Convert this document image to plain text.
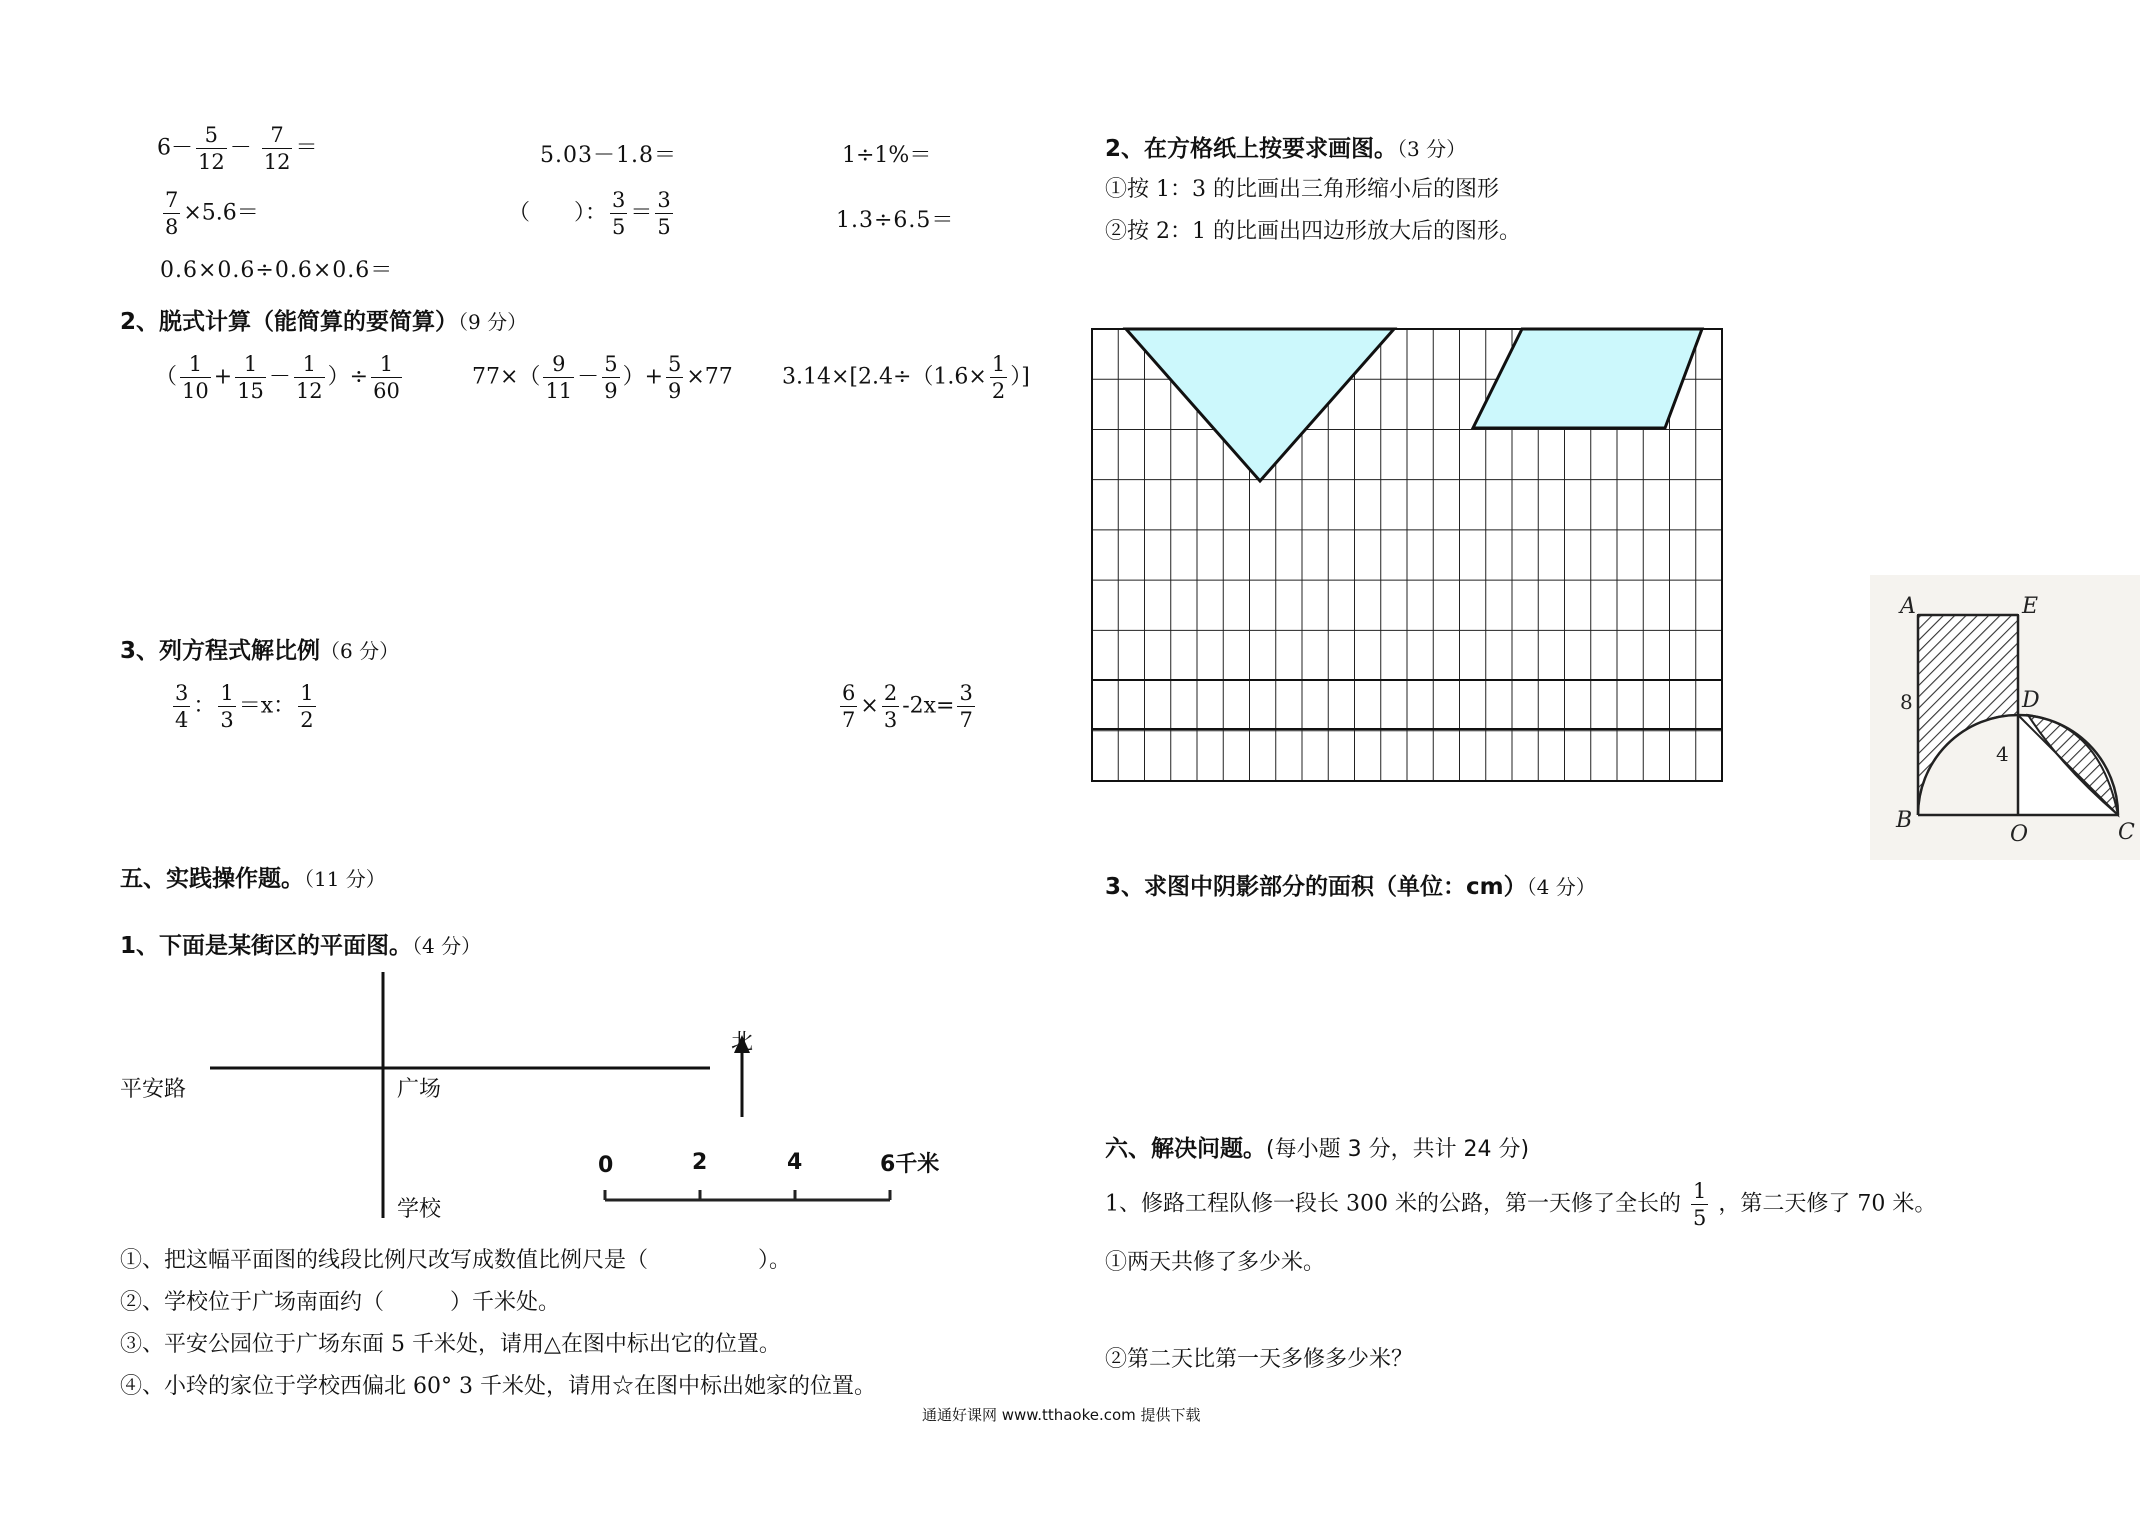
$6- \frac{5}{12} - \frac{7}{12}$ ＝	5.03－1.8＝	1÷1%＝
$\frac{7}{8} \times 5.6=$	（　　）： $\frac{3}{5} = \frac{3}{5}$	1.3÷6.5＝
0.6×0.6÷0.6×0.6＝
2、脱式计算（能简算的要简算）（9 分）
（ $\frac{1}{10} + \frac{1}{15} - \frac{1}{12}$ ）÷ $\frac{1}{60}$	$77\times( \frac{9}{11} - \frac{5}{9}$ ）+ $\frac{5}{9} \times 77$ $3.14\times[2.4\div(1.6\times \frac{1}{2}$ ）]
3、列方程式解比例（6 分）
$\frac{3}{4}$ ： $\frac{1}{3} =x$： $\frac{1}{2}$	$\frac{6}{7} \times \frac{2}{3} -2x= \frac{3}{7}$
五、实践操作题。（11 分）
1、下面是某街区的平面图。（4 分）
平安路	广场
学校
北
0	2	4	6千米
①、把这幅平面图的线段比例尺改写成数值比例尺是（　　　　　）。
②、学校位于广场南面约（　　　）千米处。
③、平安公园位于广场东面 5 千米处，请用△在图中标出它的位置。
④、小玲的家位于学校西偏北 60° 3 千米处，请用☆在图中标出她家的位置。
2、在方格纸上按要求画图。（3 分）
①按 1：3 的比画出三角形缩小后的图形
②按 2：1 的比画出四边形放大后的图形。
A	E
D
B
O	C
8
4
3、求图中阴影部分的面积（单位：cm）（4 分）
六、解决问题。(每小题 3 分，共计 24 分)
1、修路工程队修一段长 300 米的公路，第一天修了全长的 $\frac{1}{5}$ ，第二天修了 70 米。
①两天共修了多少米。
②第二天比第一天多修多少米？
通通好课网 www.tthaoke.com 提供下载
